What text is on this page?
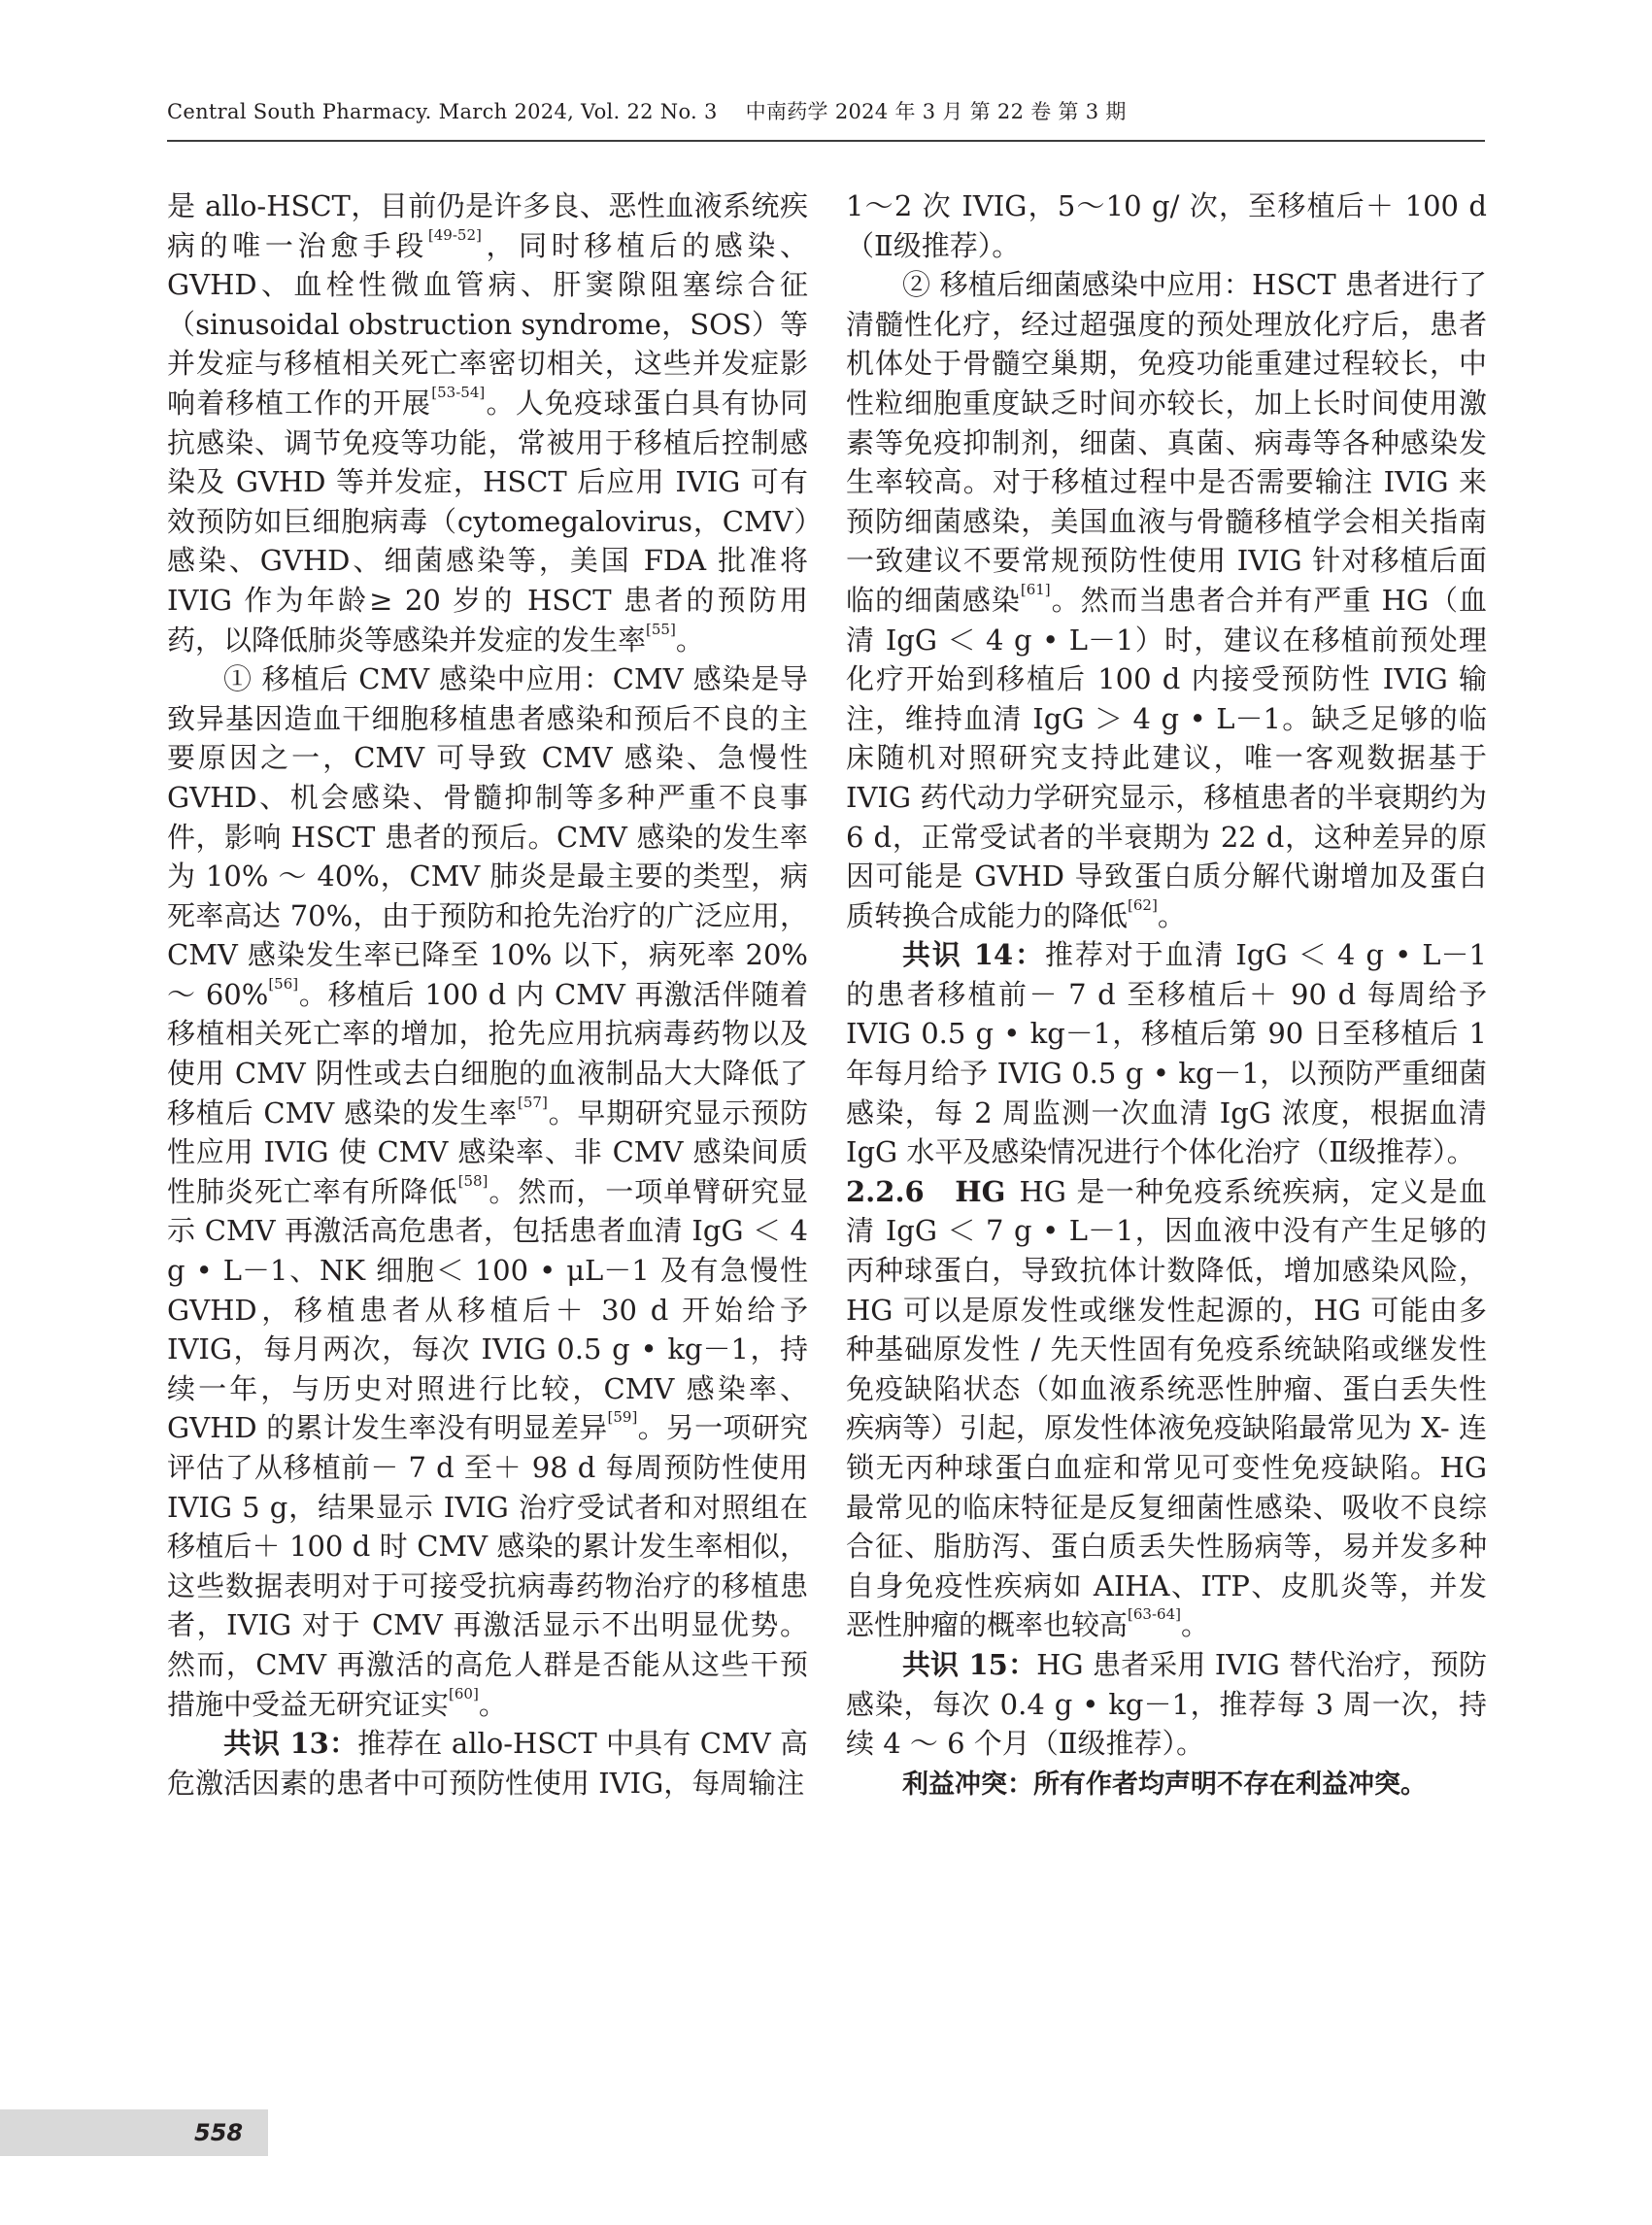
Central South Pharmacy. March 2024, Vol. 22 No. 3 中南药学 2024 年 3 月 第 22 卷 第 3 期

是 allo-HSCT，目前仍是许多良、恶性血液系统疾病的唯一治愈手段[49-52]，同时移植后的感染、GVHD、血栓性微血管病、肝窦隙阻塞综合征（sinusoidal obstruction syndrome，SOS）等并发症与移植相关死亡率密切相关，这些并发症影响着移植工作的开展[53-54]。人免疫球蛋白具有协同抗感染、调节免疫等功能，常被用于移植后控制感染及 GVHD 等并发症，HSCT 后应用 IVIG 可有效预防如巨细胞病毒（cytomegalovirus，CMV）感染、GVHD、细菌感染等，美国 FDA 批准将 IVIG 作为年龄≥ 20 岁的 HSCT 患者的预防用药，以降低肺炎等感染并发症的发生率[55]。

① 移植后 CMV 感染中应用：CMV 感染是导致异基因造血干细胞移植患者感染和预后不良的主要原因之一，CMV 可导致 CMV 感染、急慢性 GVHD、机会感染、骨髓抑制等多种严重不良事件，影响 HSCT 患者的预后。CMV 感染的发生率为 10% ～ 40%，CMV 肺炎是最主要的类型，病死率高达 70%，由于预防和抢先治疗的广泛应用，CMV 感染发生率已降至 10% 以下，病死率 20% ～ 60%[56]。移植后 100 d 内 CMV 再激活伴随着移植相关死亡率的增加，抢先应用抗病毒药物以及使用 CMV 阴性或去白细胞的血液制品大大降低了移植后 CMV 感染的发生率[57]。早期研究显示预防性应用 IVIG 使 CMV 感染率、非 CMV 感染间质性肺炎死亡率有所降低[58]。然而，一项单臂研究显示 CMV 再激活高危患者，包括患者血清 IgG ＜ 4 g • L－1、NK 细胞＜ 100 • μL－1 及有急慢性 GVHD，移植患者从移植后＋ 30 d 开始给予 IVIG，每月两次，每次 IVIG 0.5 g • kg－1，持续一年，与历史对照进行比较，CMV 感染率、GVHD 的累计发生率没有明显差异[59]。另一项研究评估了从移植前－ 7 d 至＋ 98 d 每周预防性使用 IVIG 5 g，结果显示 IVIG 治疗受试者和对照组在移植后＋ 100 d 时 CMV 感染的累计发生率相似，这些数据表明对于可接受抗病毒药物治疗的移植患者，IVIG 对于 CMV 再激活显示不出明显优势。然而，CMV 再激活的高危人群是否能从这些干预措施中受益无研究证实[60]。

共识 13：推荐在 allo-HSCT 中具有 CMV 高危激活因素的患者中可预防性使用 IVIG，每周输注

1～2 次 IVIG，5～10 g/ 次，至移植后＋ 100 d（Ⅱ级推荐）。

② 移植后细菌感染中应用：HSCT 患者进行了清髓性化疗，经过超强度的预处理放化疗后，患者机体处于骨髓空巢期，免疫功能重建过程较长，中性粒细胞重度缺乏时间亦较长，加上长时间使用激素等免疫抑制剂，细菌、真菌、病毒等各种感染发生率较高。对于移植过程中是否需要输注 IVIG 来预防细菌感染，美国血液与骨髓移植学会相关指南一致建议不要常规预防性使用 IVIG 针对移植后面临的细菌感染[61]。然而当患者合并有严重 HG（血清 IgG ＜ 4 g • L－1）时，建议在移植前预处理化疗开始到移植后 100 d 内接受预防性 IVIG 输注，维持血清 IgG ＞ 4 g • L－1。缺乏足够的临床随机对照研究支持此建议，唯一客观数据基于 IVIG 药代动力学研究显示，移植患者的半衰期约为 6 d，正常受试者的半衰期为 22 d，这种差异的原因可能是 GVHD 导致蛋白质分解代谢增加及蛋白质转换合成能力的降低[62]。

共识 14：推荐对于血清 IgG ＜ 4 g • L－1 的患者移植前－ 7 d 至移植后＋ 90 d 每周给予 IVIG 0.5 g • kg－1，移植后第 90 日至移植后 1 年每月给予 IVIG 0.5 g • kg－1，以预防严重细菌感染，每 2 周监测一次血清 IgG 浓度，根据血清 IgG 水平及感染情况进行个体化治疗（Ⅱ级推荐）。

2.2.6　HG HG 是一种免疫系统疾病，定义是血清 IgG ＜ 7 g • L－1，因血液中没有产生足够的丙种球蛋白，导致抗体计数降低，增加感染风险，HG 可以是原发性或继发性起源的，HG 可能由多种基础原发性 / 先天性固有免疫系统缺陷或继发性免疫缺陷状态（如血液系统恶性肿瘤、蛋白丢失性疾病等）引起，原发性体液免疫缺陷最常见为 X- 连锁无丙种球蛋白血症和常见可变性免疫缺陷。HG 最常见的临床特征是反复细菌性感染、吸收不良综合征、脂肪泻、蛋白质丢失性肠病等，易并发多种自身免疫性疾病如 AIHA、ITP、皮肌炎等，并发恶性肿瘤的概率也较高[63-64]。

共识 15：HG 患者采用 IVIG 替代治疗，预防感染，每次 0.4 g • kg－1，推荐每 3 周一次，持续 4 ～ 6 个月（Ⅱ级推荐）。

利益冲突：所有作者均声明不存在利益冲突。

558
